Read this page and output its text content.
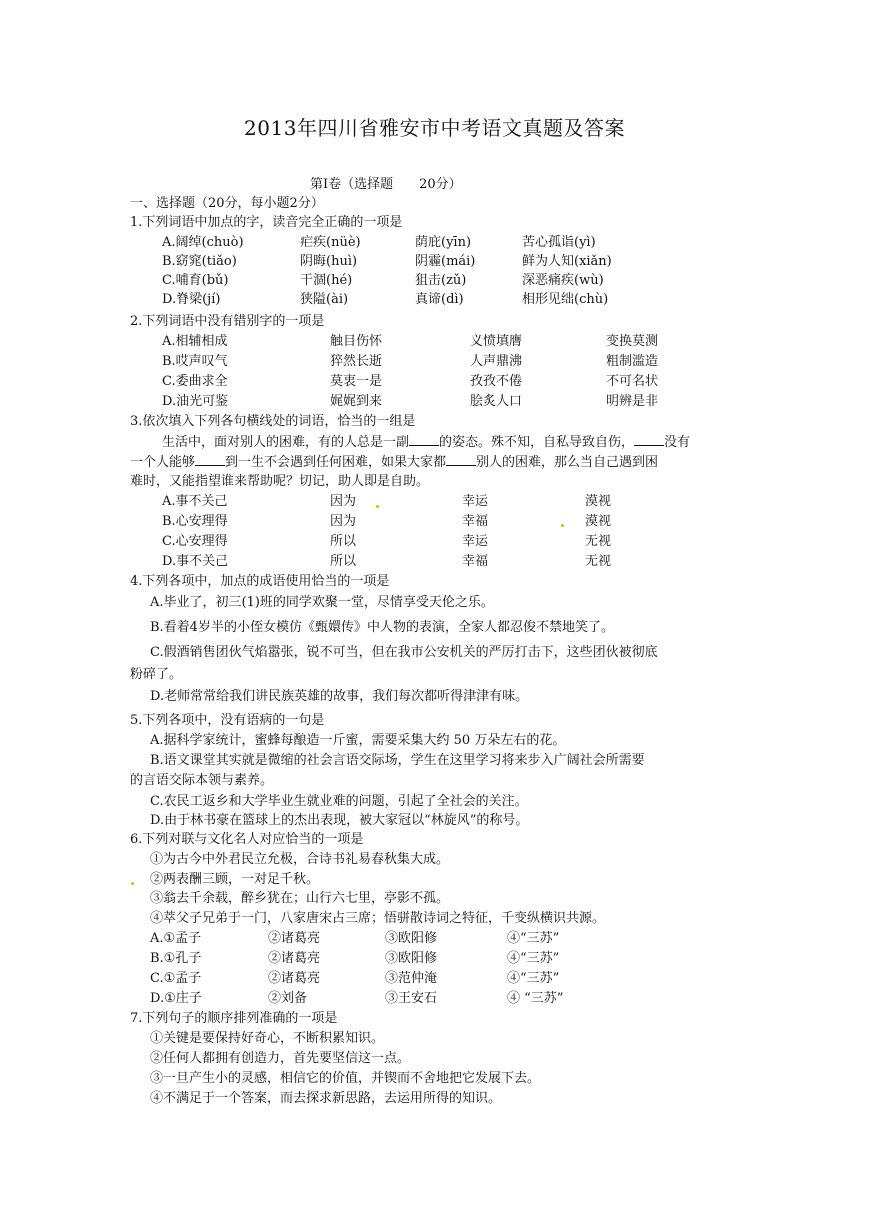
2013年四川省雅安市中考语文真题及答案
第Ⅰ卷（选择题　　20分）
一、选择题（20分，每小题2分）
1.下列词语中加点的字，读音完全正确的一项是
A.阔绰(chuò)	疟疾(nüè)	荫庇(yīn)	苦心孤诣(yì)
B.窈窕(tiǎo)	阴晦(huì)	阴霾(mái)	鲜为人知(xiǎn)
C.哺育(bǔ)	干涸(hé)	狙击(zǔ)	深恶痛疾(wù)
D.脊梁(jí)	狭隘(ài)	真谛(dì)	相形见绌(chù)
2.下列词语中没有错别字的一项是
A.相辅相成	触目伤怀	义愤填膺	变换莫测
B.哎声叹气	猝然长逝	人声鼎沸	粗制滥造
C.委曲求全	莫衷一是	孜孜不倦	不可名状
D.油光可鉴	娓娓到来	脍炙人口	明辨是非
3.依次填入下列各句横线处的词语，恰当的一组是
生活中，面对别人的困难，有的人总是一副 的姿态。殊不知，自私导致自伤， 没有
一个人能够 到一生不会遇到任何困难，如果大家都 别人的困难，那么当自己遇到困
难时，又能指望谁来帮助呢？切记，助人即是自助。
A.事不关己	因为	幸运	漠视
B.心安理得	因为	幸福	漠视
C.心安理得	所以	幸运	无视
D.事不关己	所以	幸福	无视
4.下列各项中，加点的成语使用恰当的一项是
A.毕业了，初三(1)班的同学欢聚一堂，尽情享受天伦之乐。
B.看着4岁半的小侄女模仿《甄嬛传》中人物的表演，全家人都忍俊不禁地笑了。
C.假酒销售团伙气焰嚣张，锐不可当，但在我市公安机关的严厉打击下，这些团伙被彻底
粉碎了。
D.老师常常给我们讲民族英雄的故事，我们每次都听得津津有味。
5.下列各项中，没有语病的一句是
A.据科学家统计，蜜蜂每酿造一斤蜜，需要采集大约 50 万朵左右的花。
B.语文课堂其实就是微缩的社会言语交际场，学生在这里学习将来步入广阔社会所需要
的言语交际本领与素养。
C.农民工返乡和大学毕业生就业难的问题，引起了全社会的关注。
D.由于林书豪在篮球上的杰出表现，被大家冠以“林旋风”的称号。
6.下列对联与文化名人对应恰当的一项是
①为古今中外君民立允极，合诗书礼易春秋集大成。
②两表酬三顾，一对足千秋。
③翁去千余载，醉乡犹在；山行六七里，亭影不孤。
④萃父子兄弟于一门，八家唐宋占三席；悟骈散诗词之特征，千变纵横识共源。
A.①孟子	②诸葛亮	③欧阳修	④“三苏”
B.①孔子	②诸葛亮	③欧阳修	④“三苏”
C.①孟子	②诸葛亮	③范仲淹	④“三苏”
D.①庄子	②刘备	③王安石	④ “三苏”
7.下列句子的顺序排列准确的一项是
①关键是要保持好奇心，不断积累知识。
②任何人都拥有创造力，首先要坚信这一点。
③一旦产生小的灵感，相信它的价值，并锲而不舍地把它发展下去。
④不满足于一个答案，而去探求新思路，去运用所得的知识。
